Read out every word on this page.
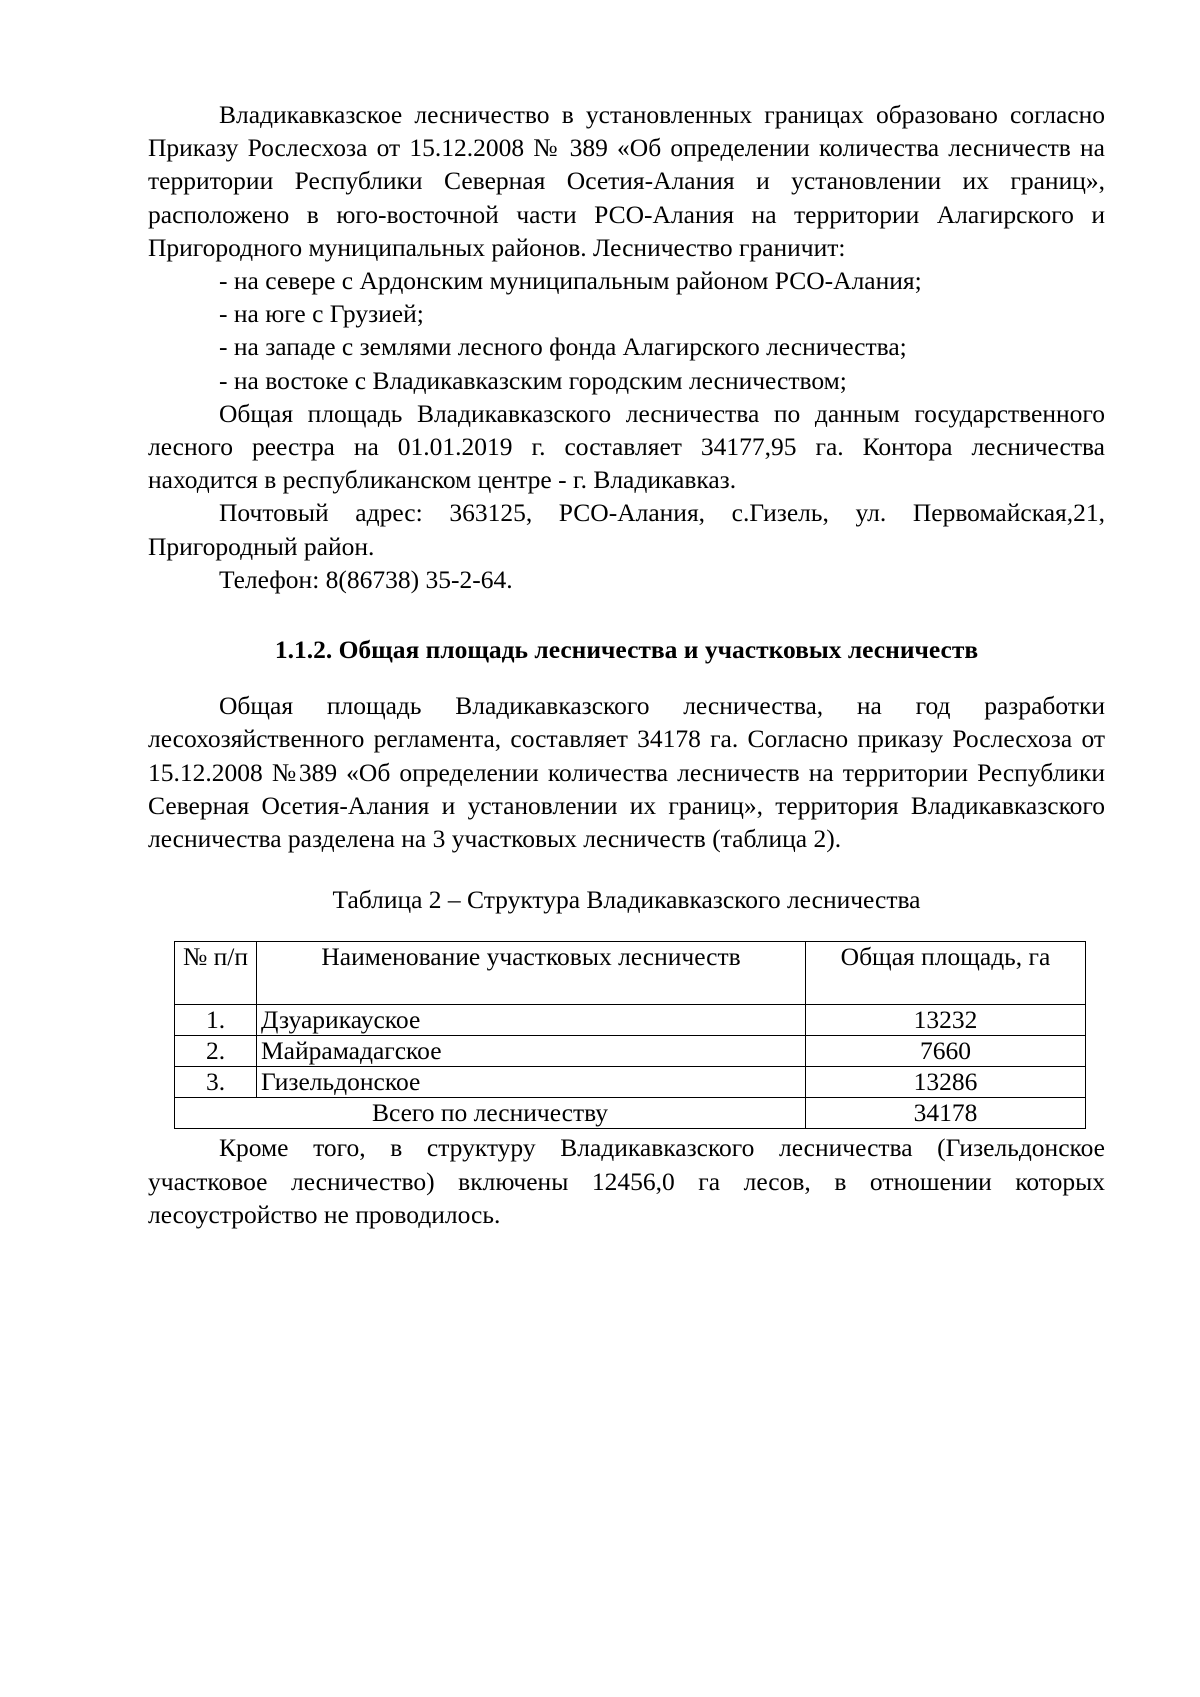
Владикавказское лесничество в установленных границах образовано согласно Приказу Рослесхоза от 15.12.2008 № 389 «Об определении количества лесничеств на территории Республики Северная Осетия-Алания и установлении их границ», расположено в юго-восточной части РСО-Алания на территории Алагирского и Пригородного муниципальных районов. Лесничество граничит:

- на севере с Ардонским муниципальным районом РСО-Алания;

- на юге с Грузией;

- на западе с землями лесного фонда Алагирского лесничества;

- на востоке с Владикавказским городским лесничеством;

Общая площадь Владикавказского лесничества по данным государственного лесного реестра на 01.01.2019 г. составляет 34177,95 га. Контора лесничества находится в республиканском центре - г. Владикавказ.

Почтовый адрес: 363125, РСО-Алания, с.Гизель, ул. Первомайская,21, Пригородный район.

Телефон: 8(86738) 35-2-64.

1.1.2. Общая площадь лесничества и участковых лесничеств

Общая площадь Владикавказского лесничества, на год разработки лесохозяйственного регламента, составляет 34178 га. Согласно приказу Рослесхоза от 15.12.2008 №389 «Об определении количества лесничеств на территории Республики Северная Осетия-Алания и установлении их границ», территория Владикавказского лесничества разделена на 3 участковых лесничеств (таблица 2).

Таблица 2 – Структура Владикавказского лесничества

№ п/п	Наименование участковых лесничеств	Общая площадь, га
1.	Дзуарикауское	13232
2.	Майрамадагское	7660
3.	Гизельдонское	13286
Всего по лесничеству		34178

Кроме того, в структуру Владикавказского лесничества (Гизельдонское участковое лесничество) включены 12456,0 га лесов, в отношении которых лесоустройство не проводилось.
